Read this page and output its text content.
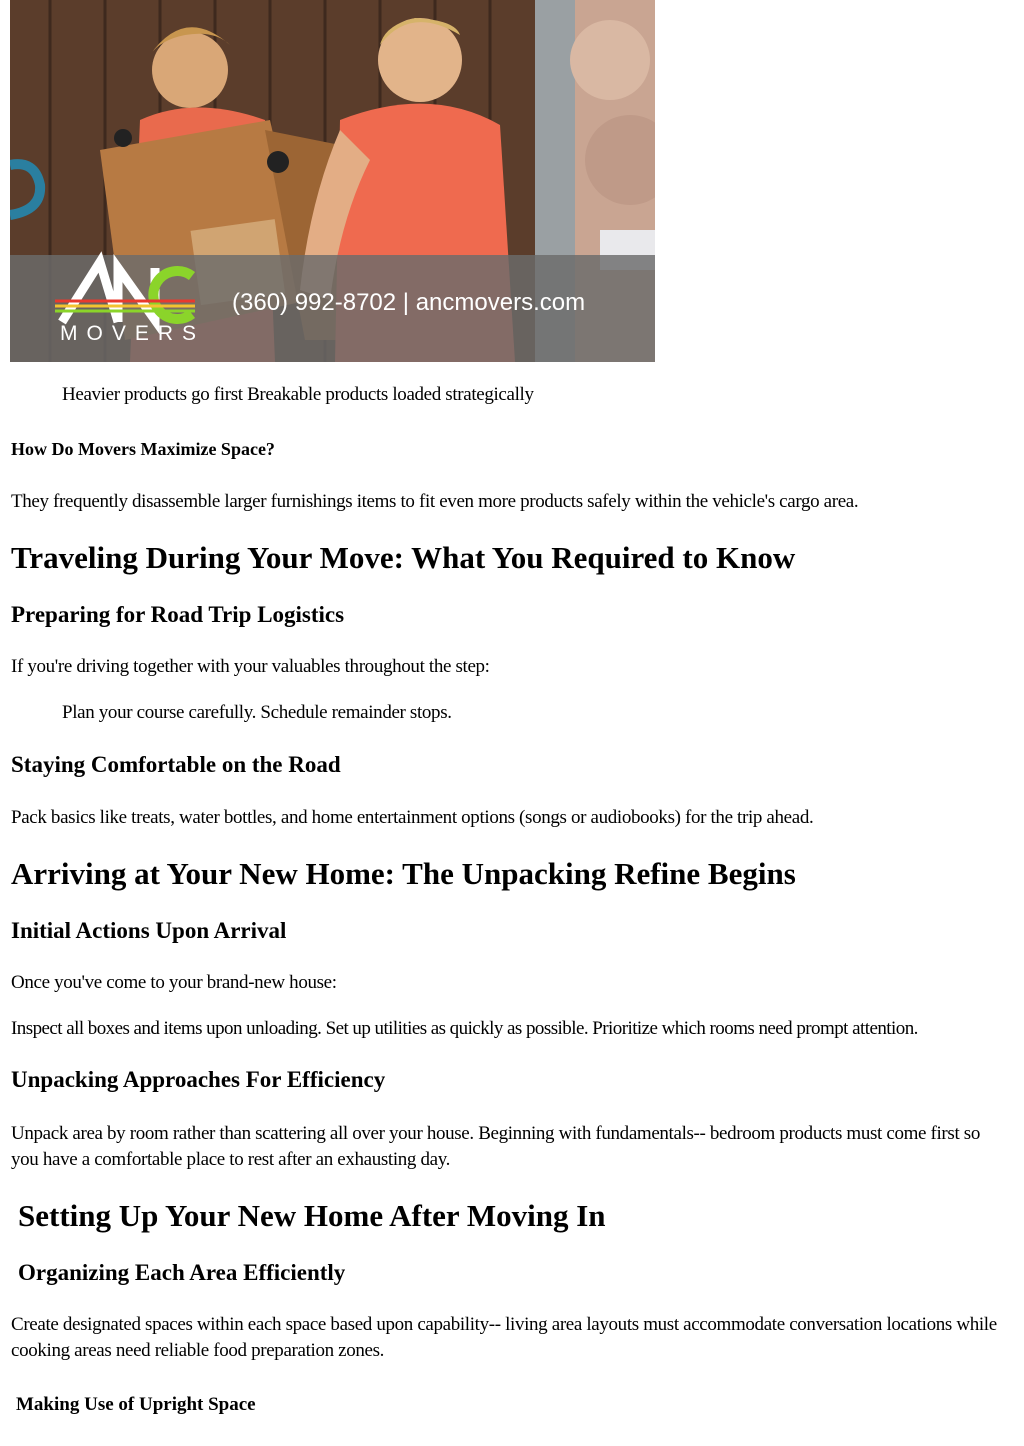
MOVERS
(360) 992-8702 | ancmovers.com

Heavier products go first Breakable products loaded strategically

How Do Movers Maximize Space?

They frequently disassemble larger furnishings items to fit even more products safely within the vehicle's cargo area.

Traveling During Your Move: What You Required to Know
Preparing for Road Trip Logistics

If you're driving together with your valuables throughout the step:

Plan your course carefully. Schedule remainder stops.

Staying Comfortable on the Road

Pack basics like treats, water bottles, and home entertainment options (songs or audiobooks) for the trip ahead.

Arriving at Your New Home: The Unpacking Refine Begins
Initial Actions Upon Arrival

Once you've come to your brand-new house:

Inspect all boxes and items upon unloading. Set up utilities as quickly as possible. Prioritize which rooms need prompt attention.

Unpacking Approaches For Efficiency

Unpack area by room rather than scattering all over your house. Beginning with fundamentals-- bedroom products must come first so you have a comfortable place to rest after an exhausting day.

Setting Up Your New Home After Moving In
Organizing Each Area Efficiently

Create designated spaces within each space based upon capability-- living area layouts must accommodate conversation locations while cooking areas need reliable food preparation zones.

Making Use of Upright Space
